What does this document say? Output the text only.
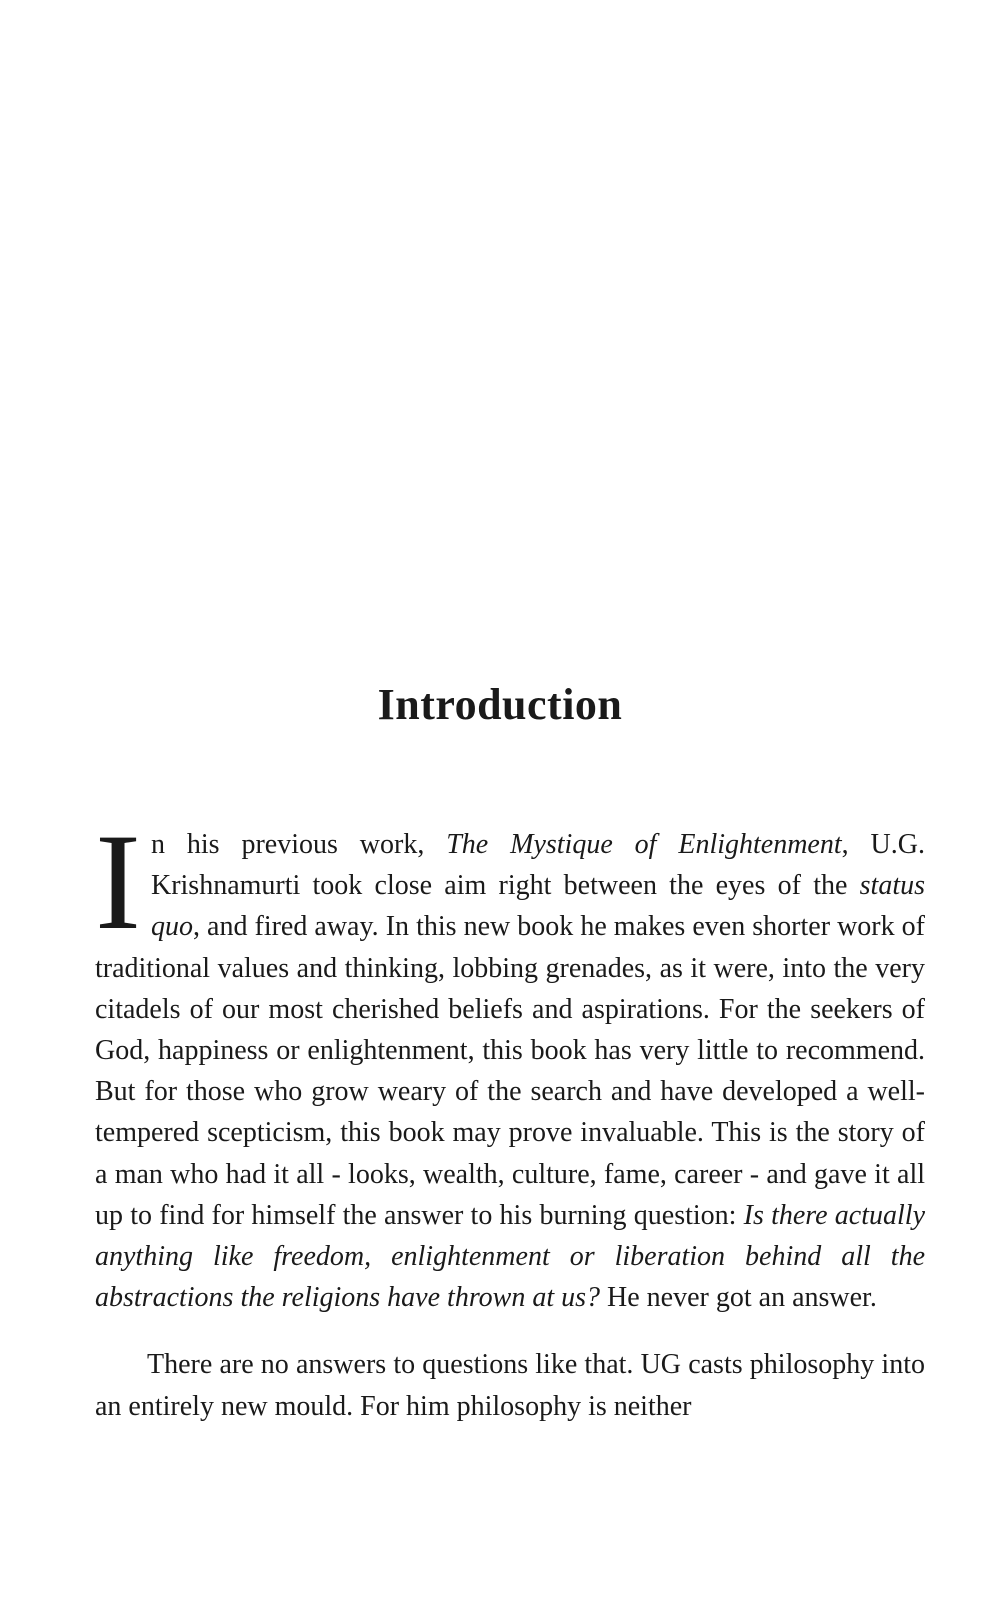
Introduction

In his previous work, The Mystique of Enlightenment, U.G. Krishnamurti took close aim right between the eyes of the status quo, and fired away. In this new book he makes even shorter work of traditional values and thinking, lobbing grenades, as it were, into the very citadels of our most cherished beliefs and aspirations. For the seekers of God, happiness or enlightenment, this book has very little to recommend. But for those who grow weary of the search and have developed a well-tempered scepticism, this book may prove invaluable. This is the story of a man who had it all - looks, wealth, culture, fame, career - and gave it all up to find for himself the answer to his burning question: Is there actually anything like freedom, enlightenment or liberation behind all the abstractions the religions have thrown at us? He never got an answer.

There are no answers to questions like that. UG casts philosophy into an entirely new mould. For him philosophy is neither
